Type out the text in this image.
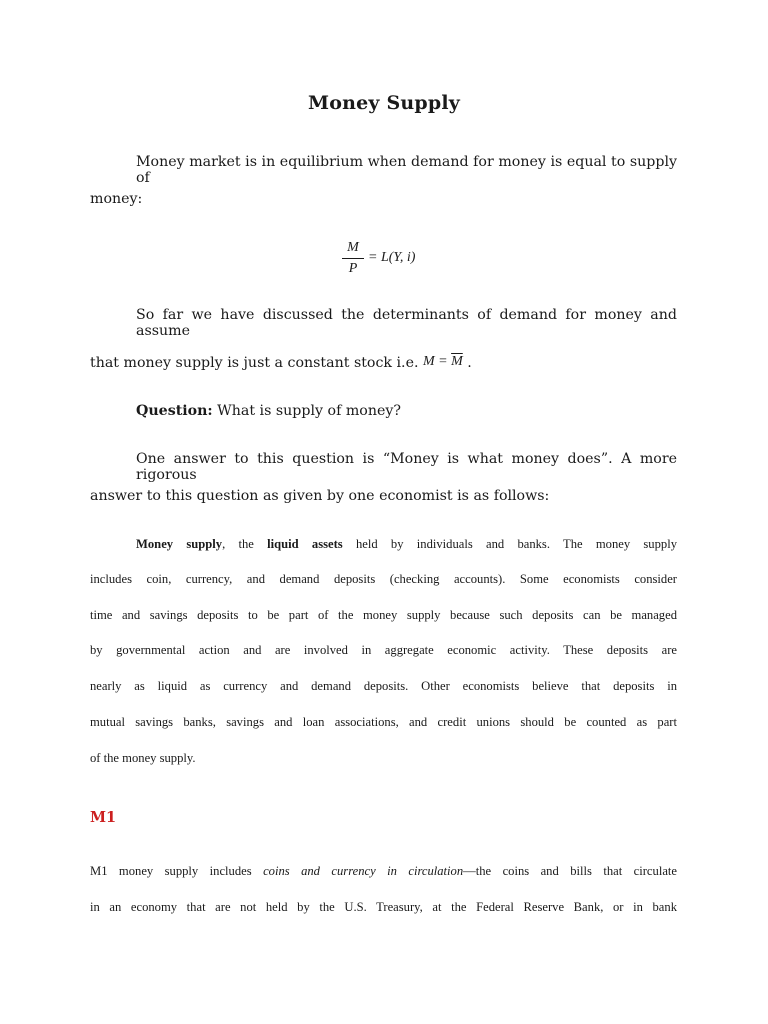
Money Supply
Money market is in equilibrium when demand for money is equal to supply of
money:
M
P
= L(Y, i)
So far we have discussed the determinants of demand for money and assume
that money supply is just a constant stock i.e. $M = \overline{M}$ .
Question: What is supply of money?
One answer to this question is “Money is what money does”. A more rigorous
answer to this question as given by one economist is as follows:
Money supply, the liquid assets held by individuals and banks. The money supply
includes coin, currency, and demand deposits (checking accounts). Some economists consider
time and savings deposits to be part of the money supply because such deposits can be managed
by governmental action and are involved in aggregate economic activity. These deposits are
nearly as liquid as currency and demand deposits. Other economists believe that deposits in
mutual savings banks, savings and loan associations, and credit unions should be counted as part
of the money supply.
M1
M1 money supply includes coins and currency in circulation—the coins and bills that circulate
in an economy that are not held by the U.S. Treasury, at the Federal Reserve Bank, or in bank
